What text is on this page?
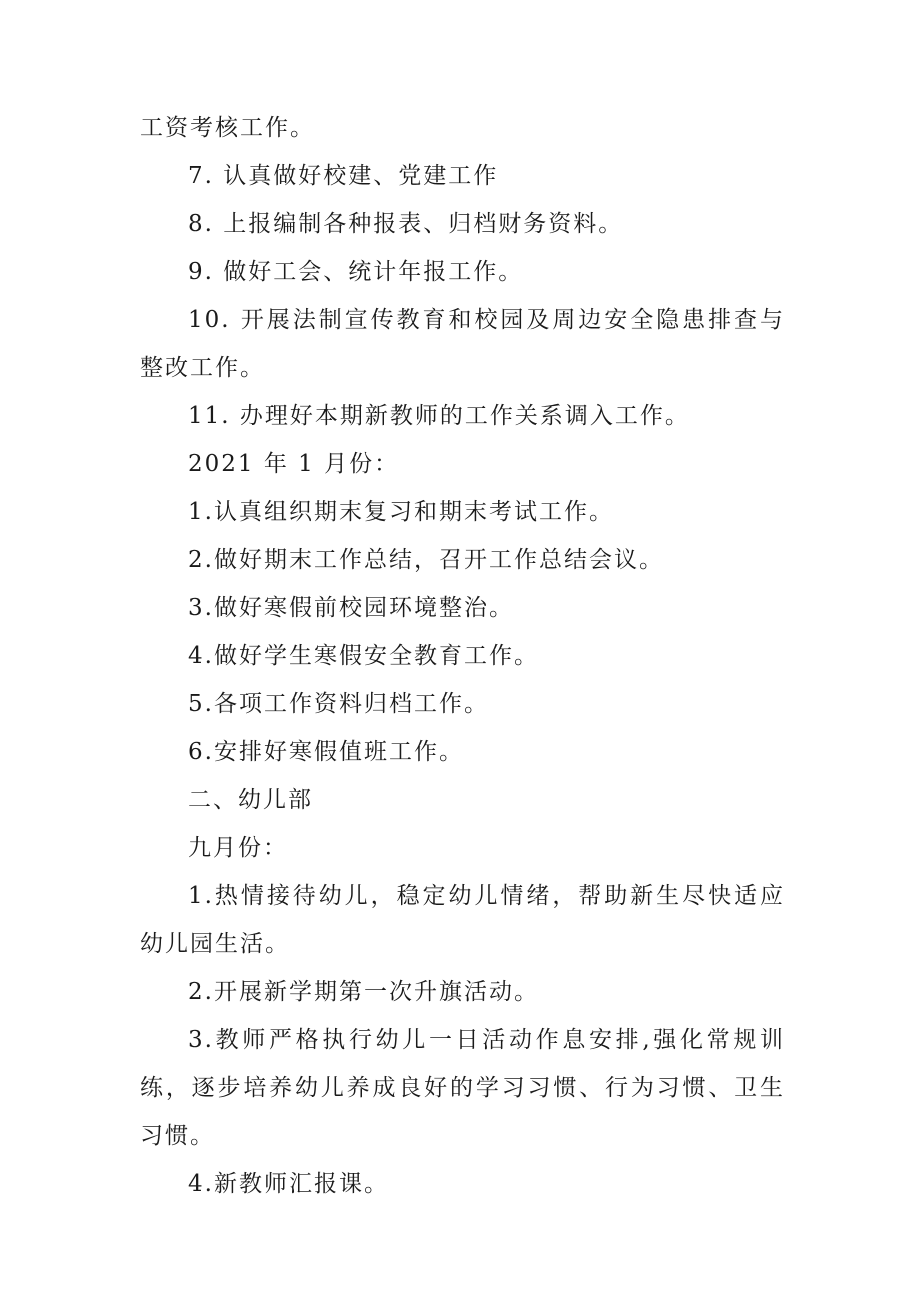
工资考核工作。

7. 认真做好校建、党建工作

8. 上报编制各种报表、归档财务资料。

9. 做好工会、统计年报工作。

10. 开展法制宣传教育和校园及周边安全隐患排查与整改工作。

11. 办理好本期新教师的工作关系调入工作。

2021 年 1 月份：

1.认真组织期末复习和期末考试工作。

2.做好期末工作总结，召开工作总结会议。

3.做好寒假前校园环境整治。

4.做好学生寒假安全教育工作。

5.各项工作资料归档工作。

6.安排好寒假值班工作。

二、幼儿部

九月份：

1.热情接待幼儿，稳定幼儿情绪，帮助新生尽快适应幼儿园生活。

2.开展新学期第一次升旗活动。

3.教师严格执行幼儿一日活动作息安排,强化常规训练，逐步培养幼儿养成良好的学习习惯、行为习惯、卫生习惯。

4.新教师汇报课。
